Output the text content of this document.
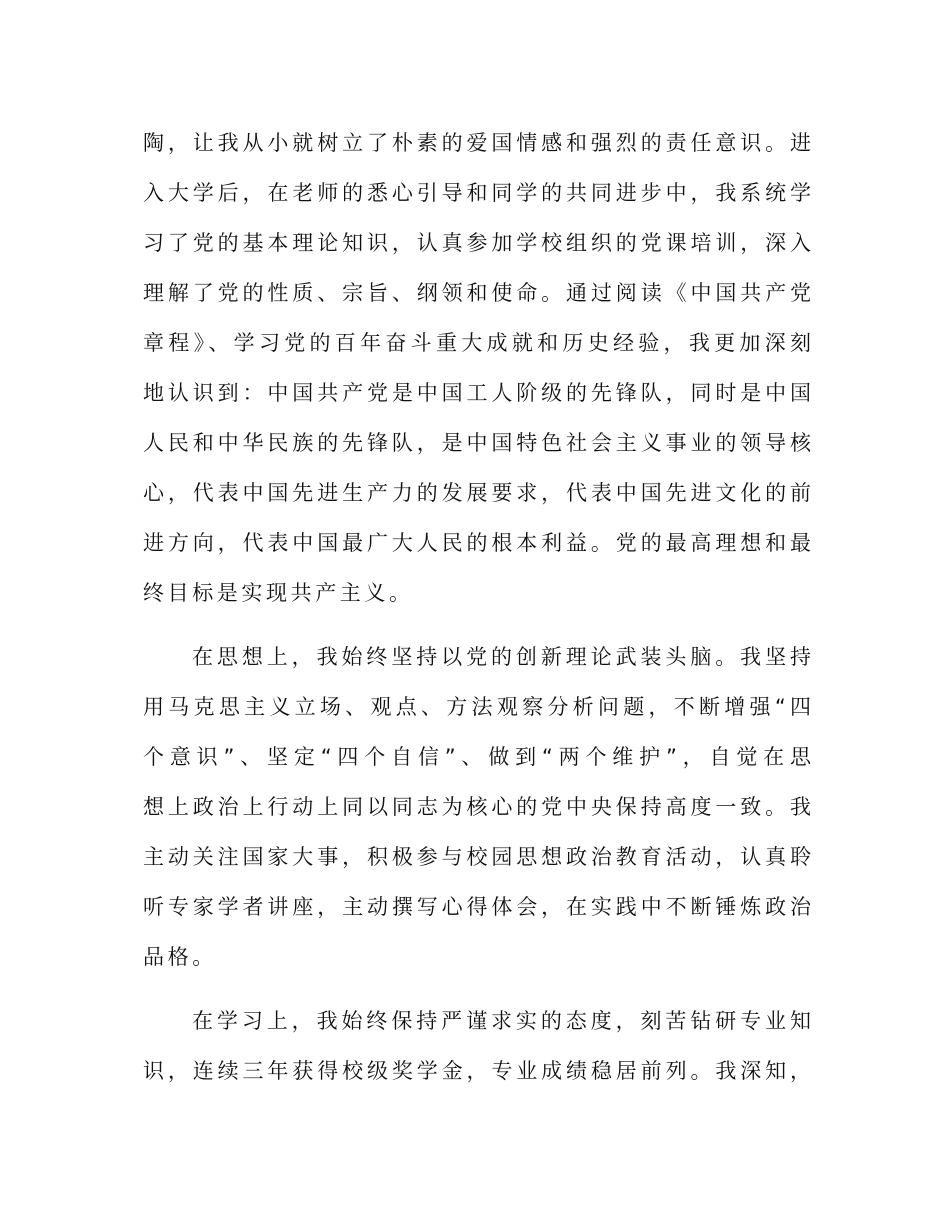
陶，让我从小就树立了朴素的爱国情感和强烈的责任意识。进
入大学后，在老师的悉心引导和同学的共同进步中，我系统学
习了党的基本理论知识，认真参加学校组织的党课培训，深入
理解了党的性质、宗旨、纲领和使命。通过阅读《中国共产党
章程》、学习党的百年奋斗重大成就和历史经验，我更加深刻
地认识到：中国共产党是中国工人阶级的先锋队，同时是中国
人民和中华民族的先锋队，是中国特色社会主义事业的领导核
心，代表中国先进生产力的发展要求，代表中国先进文化的前
进方向，代表中国最广大人民的根本利益。党的最高理想和最
终目标是实现共产主义。
在思想上，我始终坚持以党的创新理论武装头脑。我坚持
用马克思主义立场、观点、方法观察分析问题，不断增强“四
个意识”、坚定“四个自信”、做到“两个维护”，自觉在思
想上政治上行动上同以同志为核心的党中央保持高度一致。我
主动关注国家大事，积极参与校园思想政治教育活动，认真聆
听专家学者讲座，主动撰写心得体会，在实践中不断锤炼政治
品格。
在学习上，我始终保持严谨求实的态度，刻苦钻研专业知
识，连续三年获得校级奖学金，专业成绩稳居前列。我深知，
